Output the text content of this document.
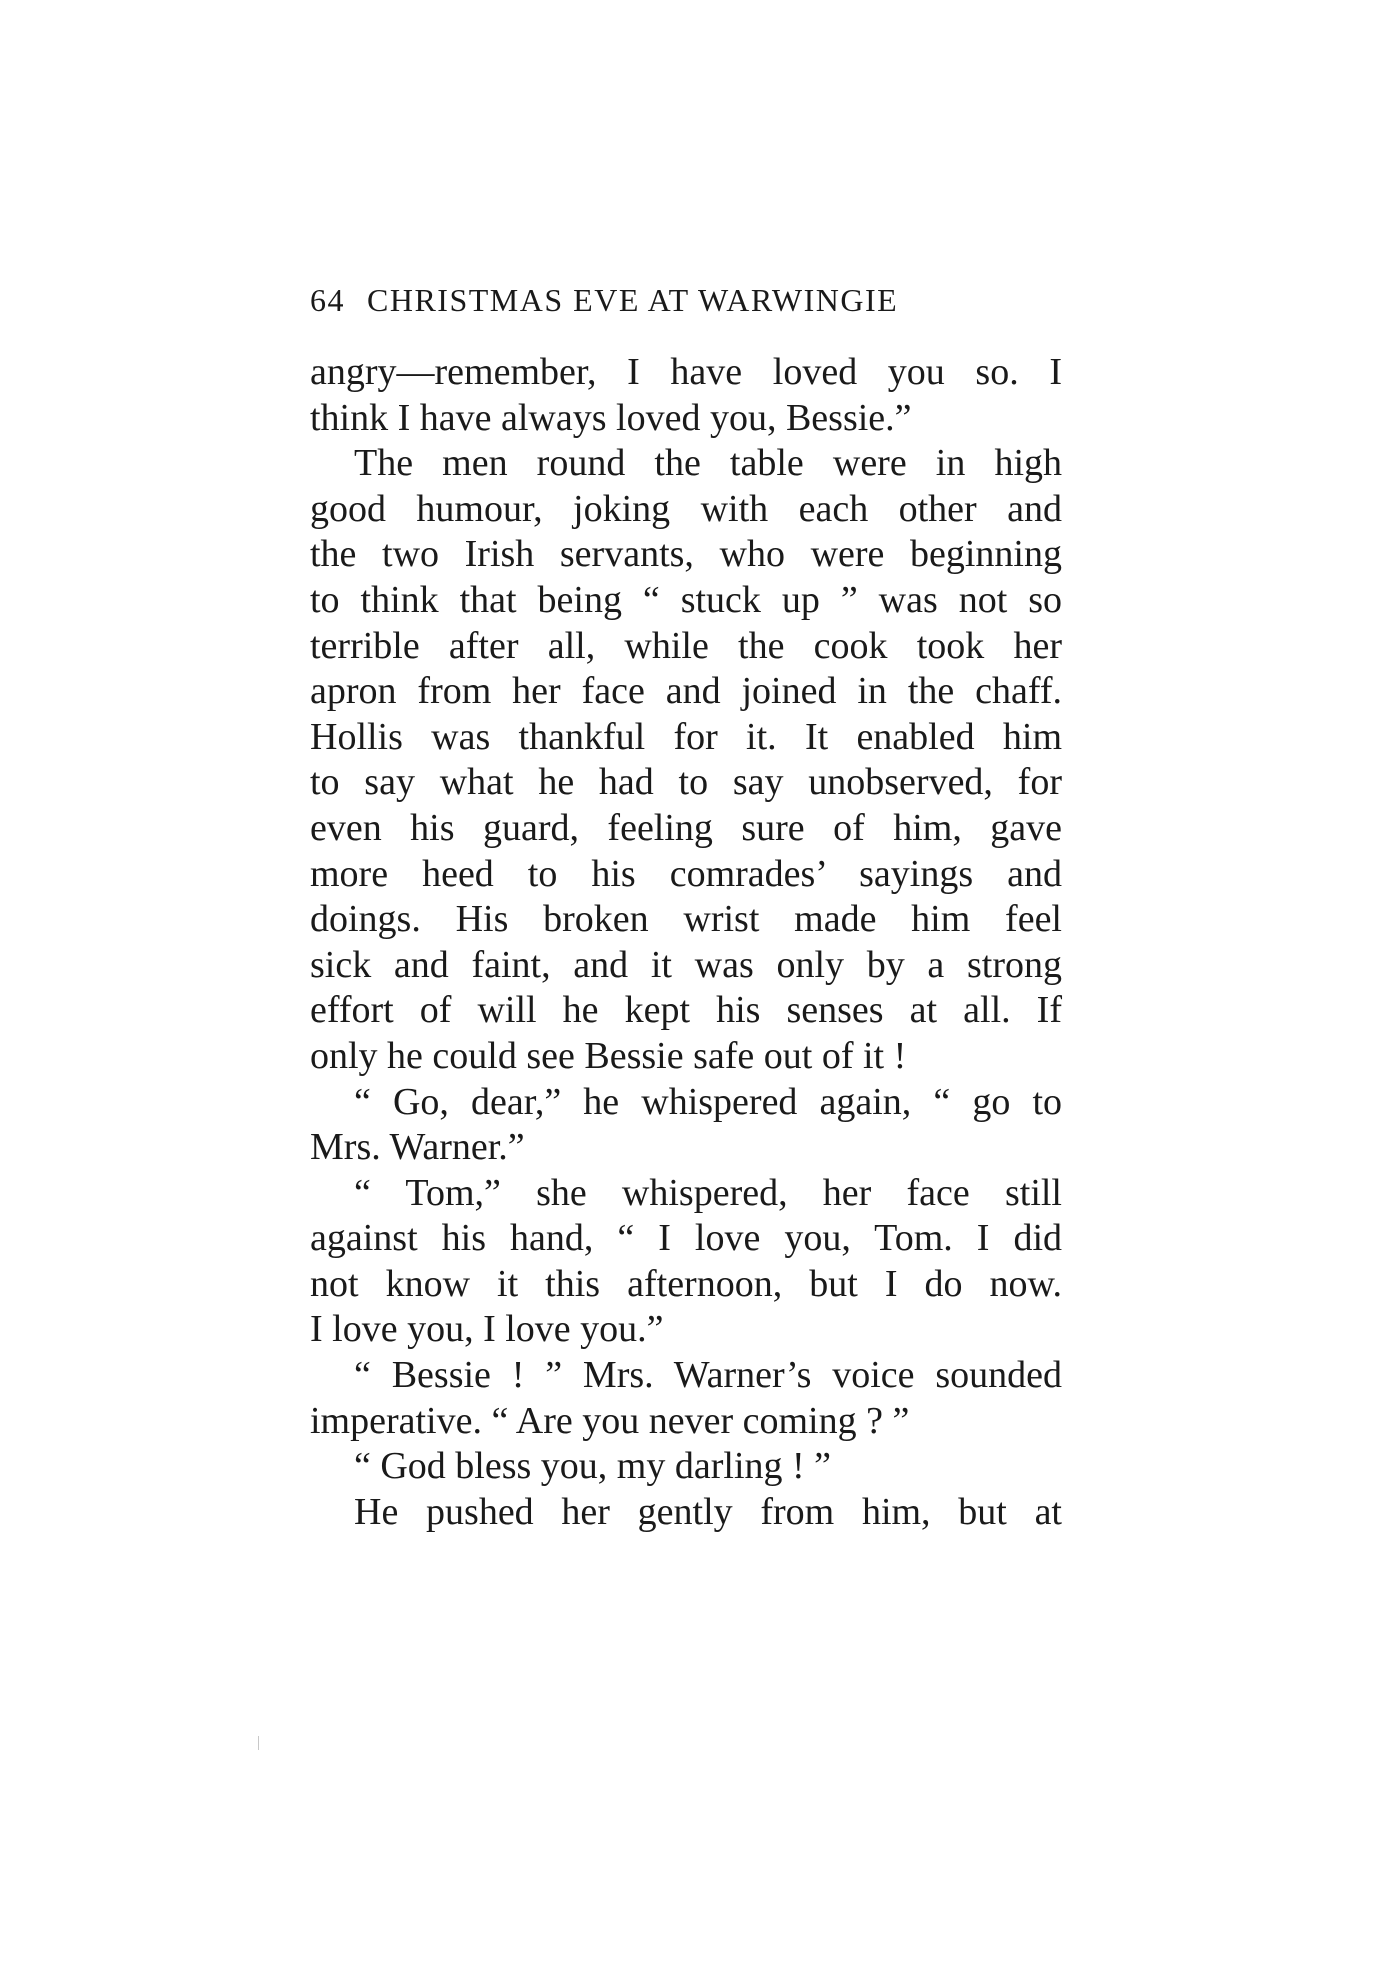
64 CHRISTMAS EVE AT WARWINGIE
angry—remember, I have loved you so. I
think I have always loved you, Bessie.”
The men round the table were in high
good humour, joking with each other and
the two Irish servants, who were beginning
to think that being “ stuck up ” was not so
terrible after all, while the cook took her
apron from her face and joined in the chaff.
Hollis was thankful for it. It enabled him
to say what he had to say unobserved, for
even his guard, feeling sure of him, gave
more heed to his comrades’ sayings and
doings. His broken wrist made him feel
sick and faint, and it was only by a strong
effort of will he kept his senses at all. If
only he could see Bessie safe out of it !
“ Go, dear,” he whispered again, “ go to
Mrs. Warner.”
“ Tom,” she whispered, her face still
against his hand, “ I love you, Tom. I did
not know it this afternoon, but I do now.
I love you, I love you.”
“ Bessie ! ” Mrs. Warner’s voice sounded
imperative. “ Are you never coming ? ”
“ God bless you, my darling ! ”
He pushed her gently from him, but at
